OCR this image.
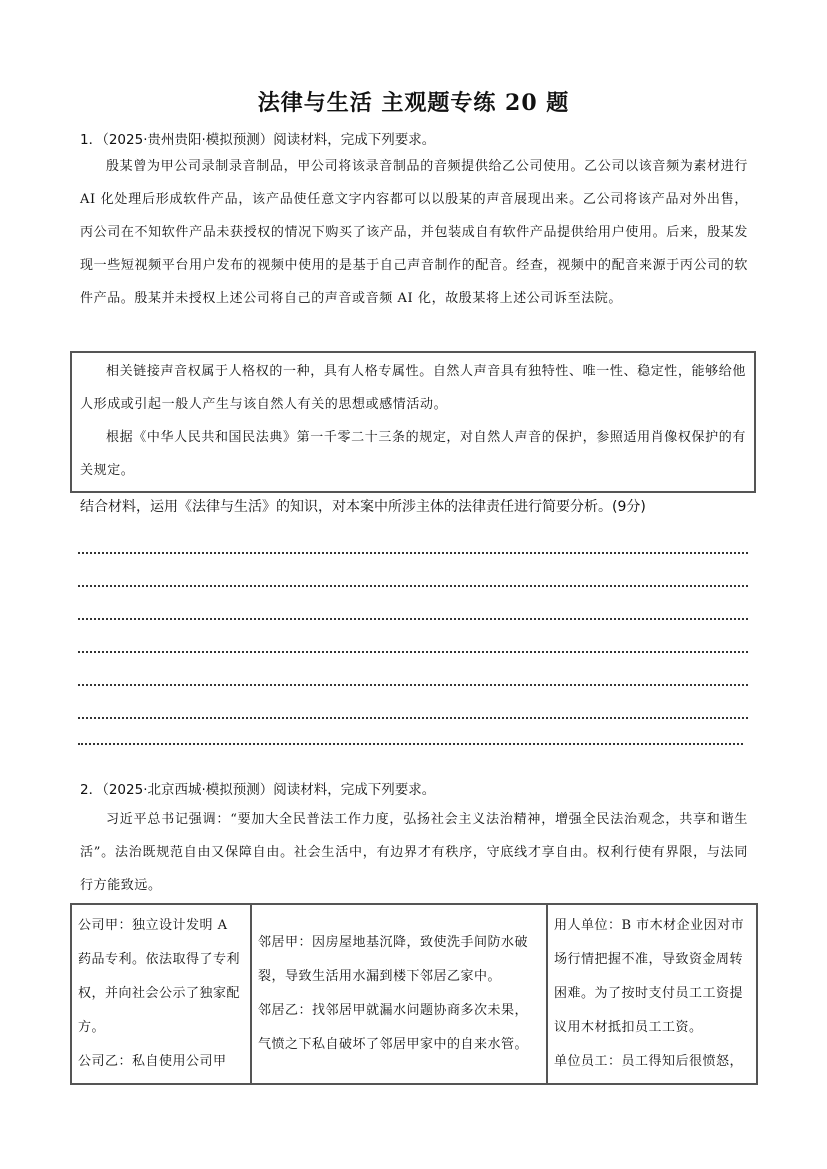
法律与生活 主观题专练 20 题
1．（2025·贵州贵阳·模拟预测）阅读材料，完成下列要求。
殷某曾为甲公司录制录音制品，甲公司将该录音制品的音频提供给乙公司使用。乙公司以该音频为素材进行 AI 化处理后形成软件产品，该产品使任意文字内容都可以以殷某的声音展现出来。乙公司将该产品对外出售，丙公司在不知软件产品未获授权的情况下购买了该产品，并包装成自有软件产品提供给用户使用。后来，殷某发现一些短视频平台用户发布的视频中使用的是基于自己声音制作的配音。经查，视频中的配音来源于丙公司的软件产品。殷某并未授权上述公司将自己的声音或音频 AI 化，故殷某将上述公司诉至法院。

相关链接声音权属于人格权的一种，具有人格专属性。自然人声音具有独特性、唯一性、稳定性，能够给他人形成或引起一般人产生与该自然人有关的思想或感情活动。

根据《中华人民共和国民法典》第一千零二十三条的规定，对自然人声音的保护，参照适用肖像权保护的有关规定。

结合材料，运用《法律与生活》的知识，对本案中所涉主体的法律责任进行简要分析。(9分)
2．（2025·北京西城·模拟预测）阅读材料，完成下列要求。
习近平总书记强调：“要加大全民普法工作力度，弘扬社会主义法治精神，增强全民法治观念，共享和谐生活”。法治既规范自由又保障自由。社会生活中，有边界才有秩序，守底线才享自由。权利行使有界限，与法同行方能致远。

公司甲：独立设计发明 A 药品专利。依法取得了专利权，并向社会公示了独家配方。

公司乙：私自使用公司甲

邻居甲：因房屋地基沉降，致使洗手间防水破裂，导致生活用水漏到楼下邻居乙家中。

邻居乙：找邻居甲就漏水问题协商多次未果，气愤之下私自破坏了邻居甲家中的自来水管。

用人单位：B 市木材企业因对市场行情把握不准，导致资金周转困难。为了按时支付员工工资提议用木材抵扣员工工资。

单位员工：员工得知后很愤怒，
